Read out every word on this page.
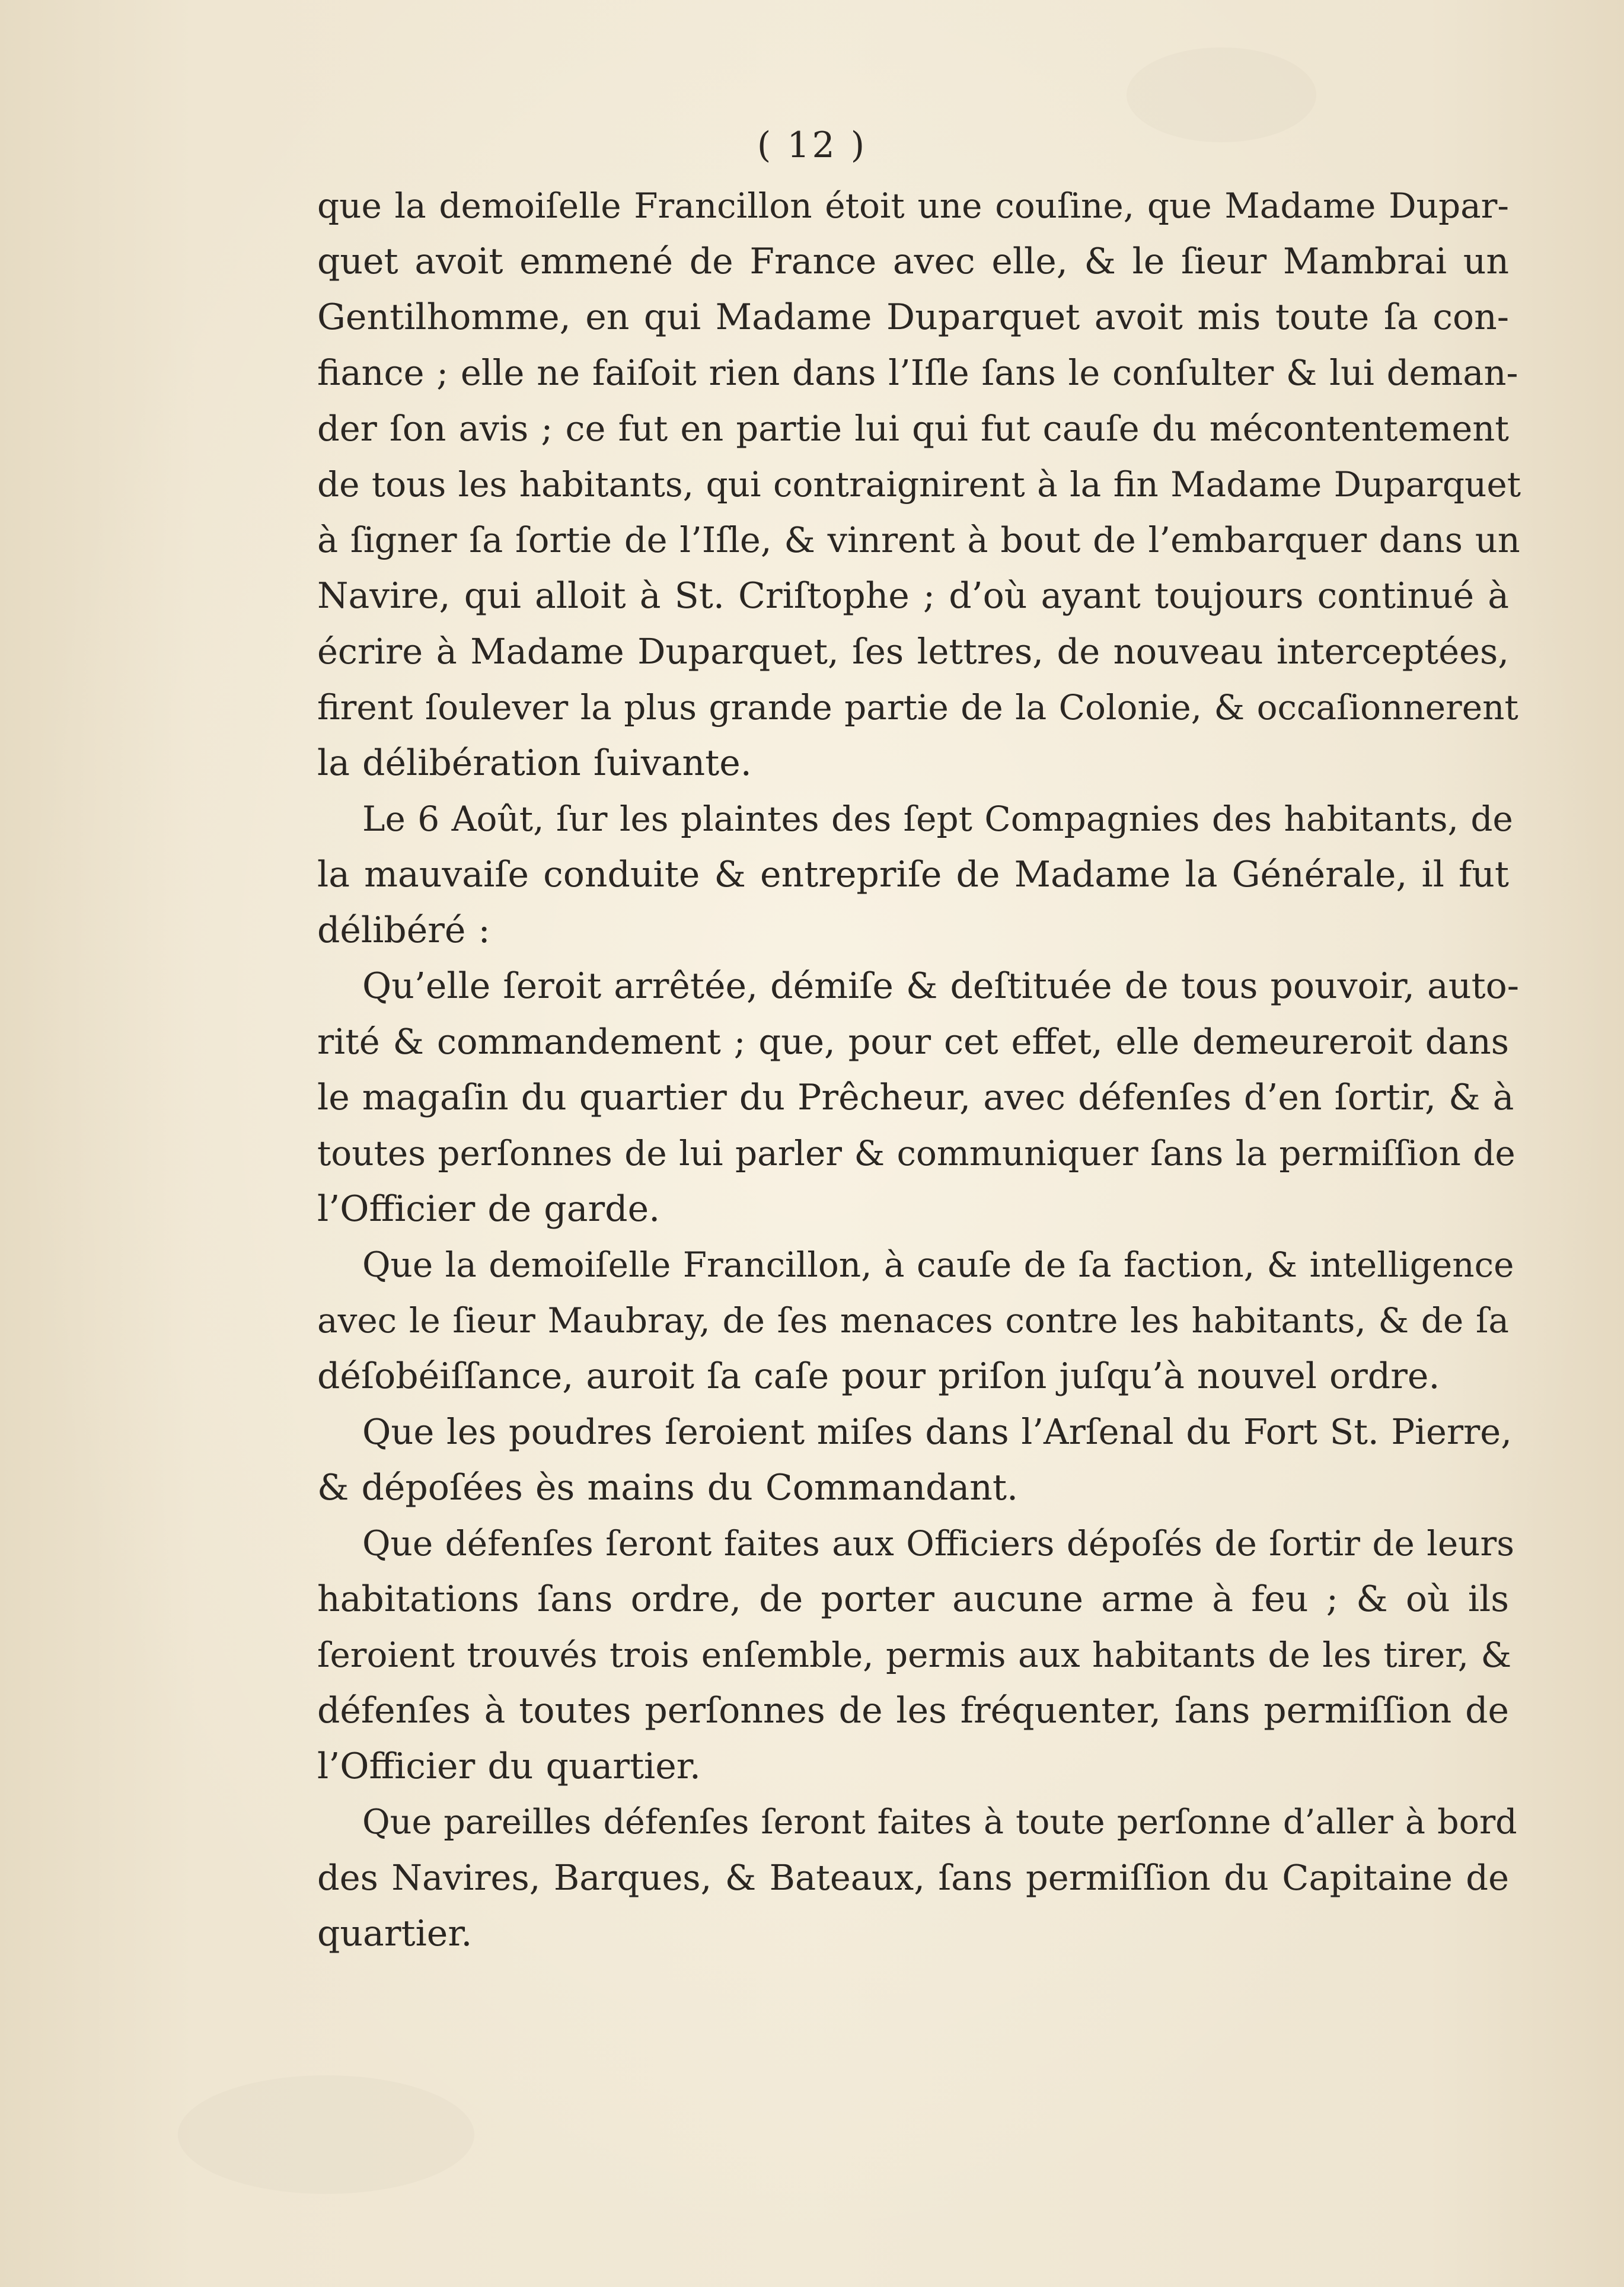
( 12 )
que la demoiſelle Francillon étoit une couſine, que Madame Dupar-
quet avoit emmené de France avec elle, & le ſieur Mambrai un
Gentilhomme, en qui Madame Duparquet avoit mis toute ſa con-
fiance ; elle ne faiſoit rien dans l’Iſle ſans le conſulter & lui deman-
der ſon avis ; ce fut en partie lui qui fut cauſe du mécontentement
de tous les habitants, qui contraignirent à la fin Madame Duparquet
à ſigner ſa ſortie de l’Iſle, & vinrent à bout de l’embarquer dans un
Navire, qui alloit à St. Criſtophe ; d’où ayant toujours continué à
écrire à Madame Duparquet, ſes lettres, de nouveau interceptées,
firent ſoulever la plus grande partie de la Colonie, & occaſionnerent
la délibération ſuivante.
Le 6 Août, ſur les plaintes des ſept Compagnies des habitants, de
la mauvaiſe conduite & entrepriſe de Madame la Générale, il fut
délibéré :
Qu’elle ſeroit arrêtée, démiſe & deſtituée de tous pouvoir, auto-
rité & commandement ; que, pour cet effet, elle demeureroit dans
le magaſin du quartier du Prêcheur, avec défenſes d’en ſortir, & à
toutes perſonnes de lui parler & communiquer ſans la permiſſion de
l’Officier de garde.
Que la demoiſelle Francillon, à cauſe de ſa faction, & intelligence
avec le ſieur Maubray, de ſes menaces contre les habitants, & de ſa
déſobéiſſance, auroit ſa caſe pour priſon juſqu’à nouvel ordre.
Que les poudres ſeroient miſes dans l’Arſenal du Fort St. Pierre,
& dépoſées ès mains du Commandant.
Que défenſes ſeront faites aux Officiers dépoſés de ſortir de leurs
habitations ſans ordre, de porter aucune arme à feu ; & où ils
ſeroient trouvés trois enſemble, permis aux habitants de les tirer, &
défenſes à toutes perſonnes de les fréquenter, ſans permiſſion de
l’Officier du quartier.
Que pareilles défenſes ſeront faites à toute perſonne d’aller à bord
des Navires, Barques, & Bateaux, ſans permiſſion du Capitaine de
quartier.
